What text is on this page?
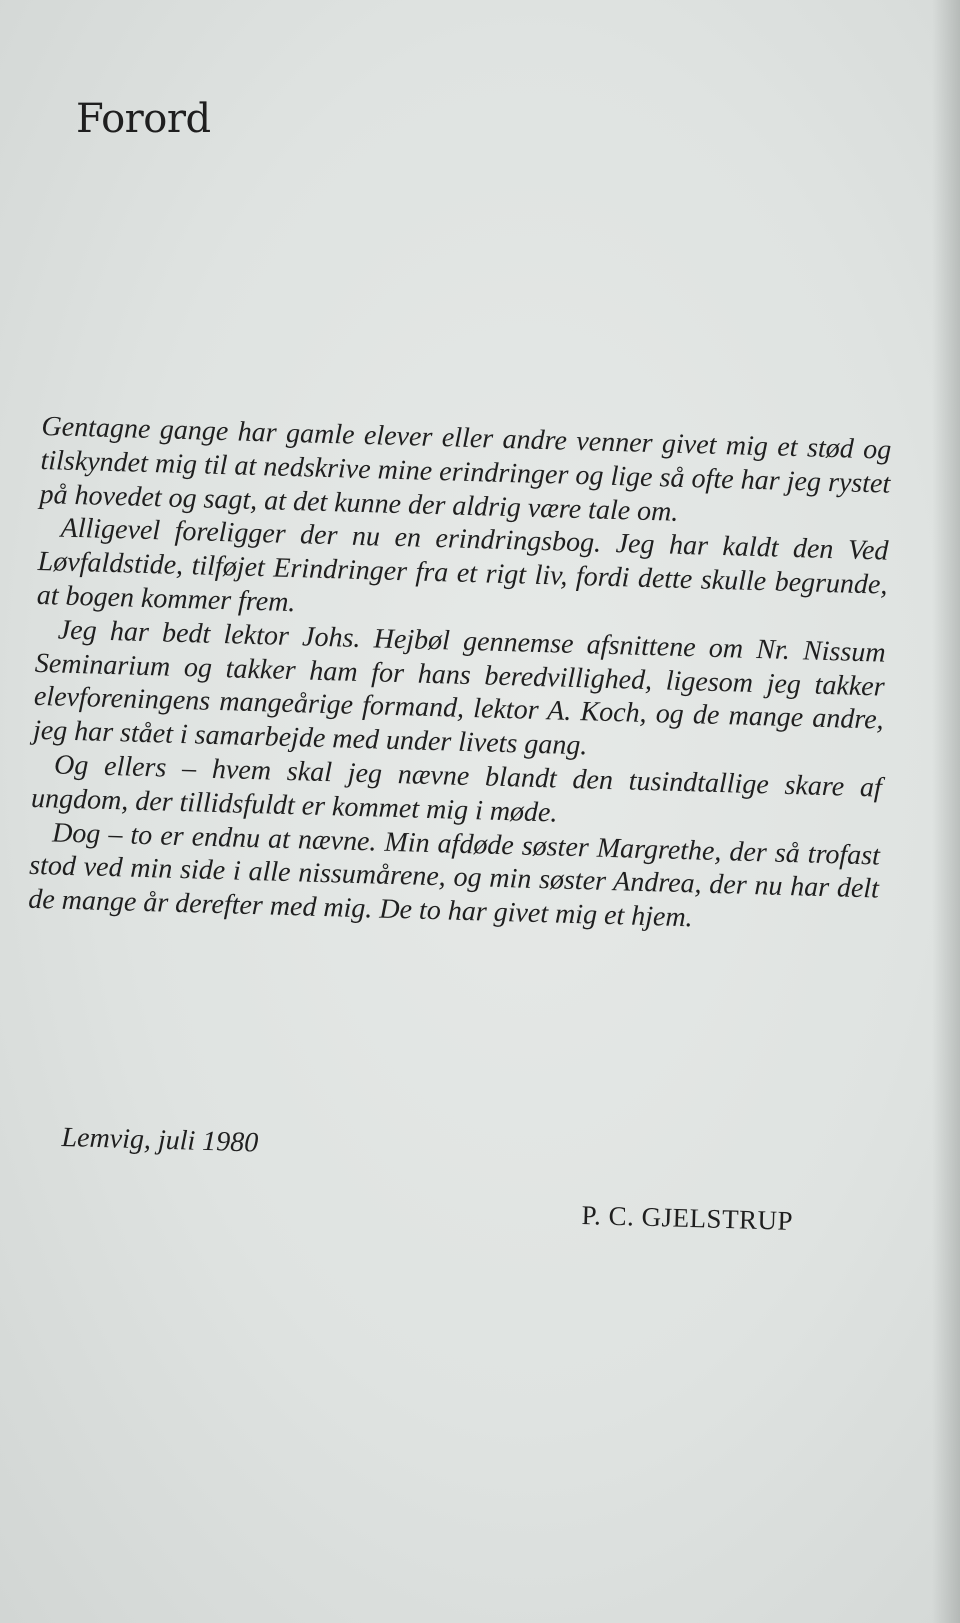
Forord

Gentagne gange har gamle elever eller andre venner givet mig et stød og tilskyndet mig til at nedskrive mine erindringer og lige så ofte har jeg rystet på hovedet og sagt, at det kunne der aldrig være tale om.

Alligevel foreligger der nu en erindringsbog. Jeg har kaldt den Ved Løvfaldstide, tilføjet Erindringer fra et rigt liv, fordi dette skulle begrunde, at bogen kommer frem.

Jeg har bedt lektor Johs. Hejbøl gennemse afsnittene om Nr. Nissum Seminarium og takker ham for hans beredvillighed, ligesom jeg takker elevforeningens mangeårige formand, lektor A. Koch, og de mange andre, jeg har stået i samarbejde med under livets gang.

Og ellers – hvem skal jeg nævne blandt den tusindtallige skare af ungdom, der tillidsfuldt er kommet mig i møde.

Dog – to er endnu at nævne. Min afdøde søster Margrethe, der så trofast stod ved min side i alle nissumårene, og min søster Andrea, der nu har delt de mange år derefter med mig. De to har givet mig et hjem.

Lemvig, juli 1980

P. C. GJELSTRUP
